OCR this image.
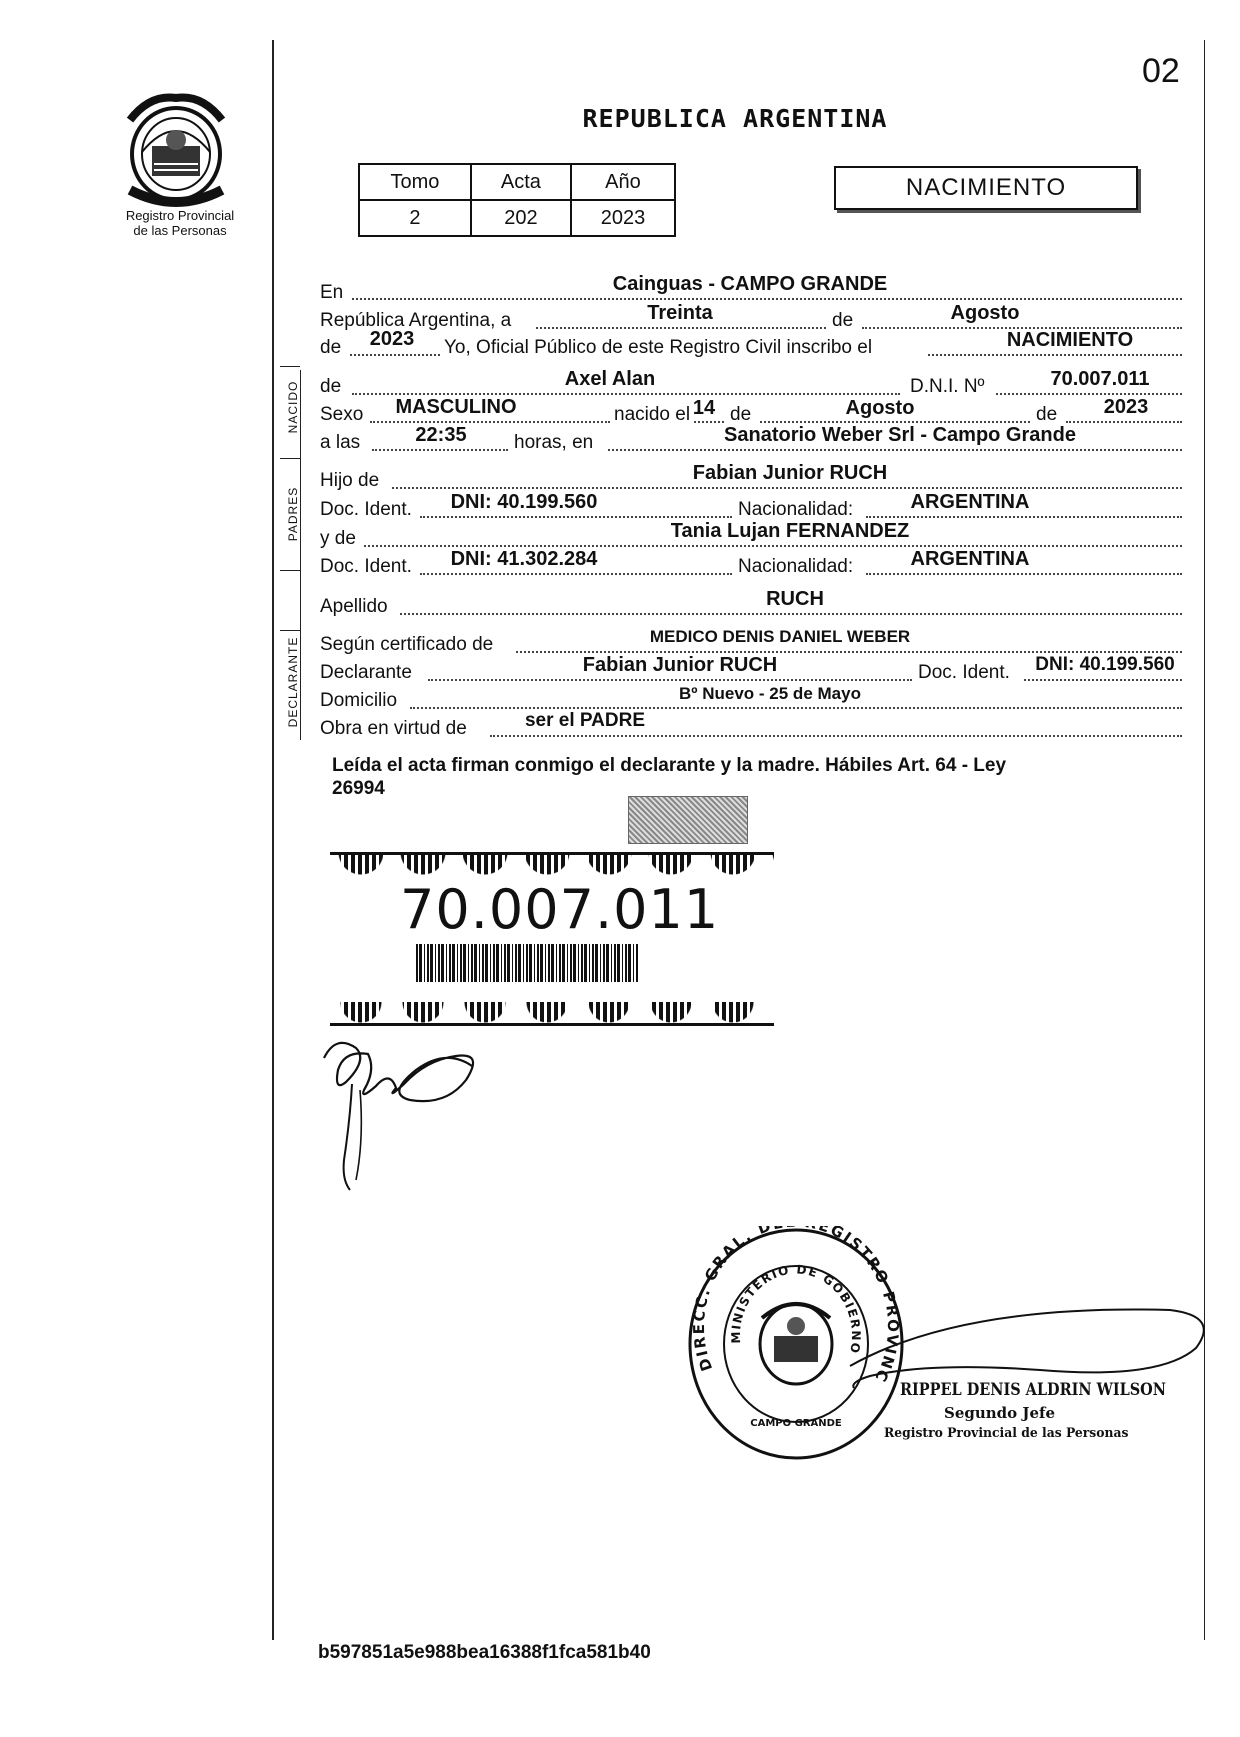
02
Registro Provincial
de las Personas
REPUBLICA ARGENTINA
Tomo	Acta	Año
2	202	2023
NACIMIENTO
NACIDO
PADRES
DECLARANTE
En	Cainguas - CAMPO GRANDE
República Argentina, a	Treinta	de	Agosto
de	2023	Yo, Oficial Público de este Registro Civil inscribo el	NACIMIENTO
de	Axel Alan	D.N.I. Nº	70.007.011
Sexo	MASCULINO	nacido el 14 de	Agosto	de	2023
a las	22:35	horas, en	Sanatorio Weber Srl - Campo Grande
Hijo de	Fabian Junior RUCH
Doc. Ident.	DNI: 40.199.560	Nacionalidad:	ARGENTINA
y de	Tania Lujan FERNANDEZ
Doc. Ident.	DNI: 41.302.284	Nacionalidad:	ARGENTINA
Apellido	RUCH
Según certificado de	MEDICO DENIS DANIEL WEBER
Declarante	Fabian Junior RUCH	Doc. Ident.	DNI: 40.199.560
Domicilio	Bº Nuevo - 25 de Mayo
Obra en virtud de	ser el PADRE
Leída el acta firman conmigo el declarante y la madre. Hábiles Art. 64 - Ley
26994
70.007.011
DIRECC. GRAL. D EGISTRO PROVINC
MINISTERIO DE GOBIERNO
CAMPO GRANDE
RIPPEL DENIS ALDRIN WILSON
Segundo Jefe
Registro Provincial de las Personas
b597851a5e988bea16388f1fca581b40
